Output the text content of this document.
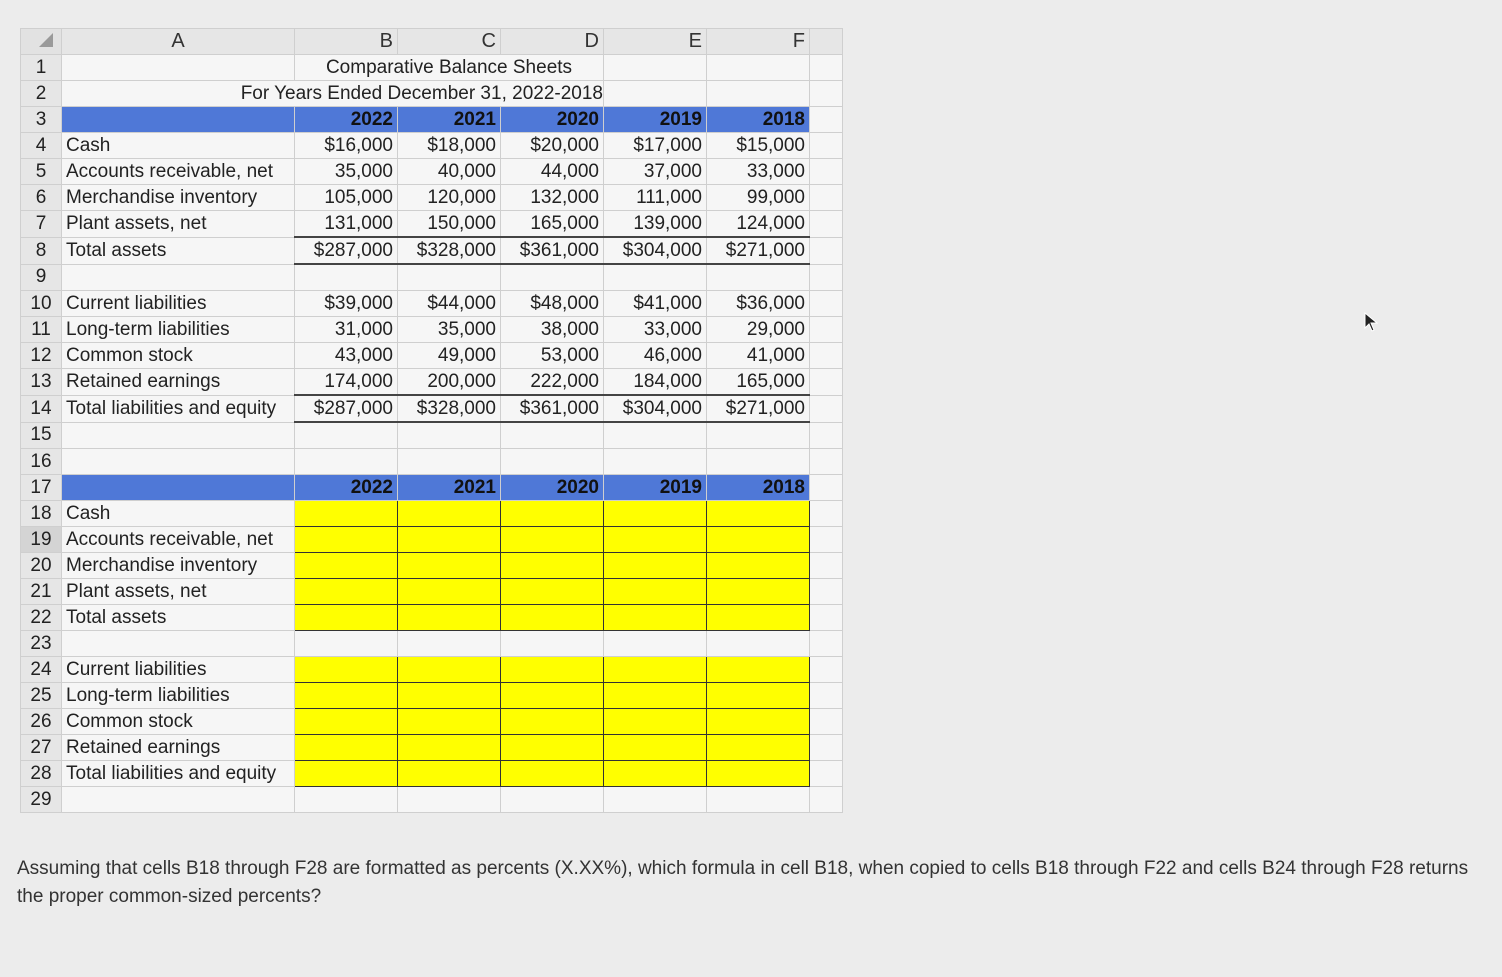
	A	B	C	D	E	F	
1		Comparative Balance Sheets					
2	For Years Ended December 31, 2022-2018						
3		2022	2021	2020	2019	2018	
4	Cash	$16,000	$18,000	$20,000	$17,000	$15,000	
5	Accounts receivable, net	35,000	40,000	44,000	37,000	33,000	
6	Merchandise inventory	105,000	120,000	132,000	111,000	99,000	
7	Plant assets, net	131,000	150,000	165,000	139,000	124,000	
8	Total assets	$287,000	$328,000	$361,000	$304,000	$271,000	
9							
10	Current liabilities	$39,000	$44,000	$48,000	$41,000	$36,000	
11	Long-term liabilities	31,000	35,000	38,000	33,000	29,000	
12	Common stock	43,000	49,000	53,000	46,000	41,000	
13	Retained earnings	174,000	200,000	222,000	184,000	165,000	
14	Total liabilities and equity	$287,000	$328,000	$361,000	$304,000	$271,000	
15							
16							
17		2022	2021	2020	2019	2018	
18	Cash						
19	Accounts receivable, net						
20	Merchandise inventory						
21	Plant assets, net						
22	Total assets						
23							
24	Current liabilities						
25	Long-term liabilities						
26	Common stock						
27	Retained earnings						
28	Total liabilities and equity						
29							
Assuming that cells B18 through F28 are formatted as percents (X.XX%), which formula in cell B18, when copied to cells B18 through F22 and cells B24 through F28 returns the proper common-sized percents?
